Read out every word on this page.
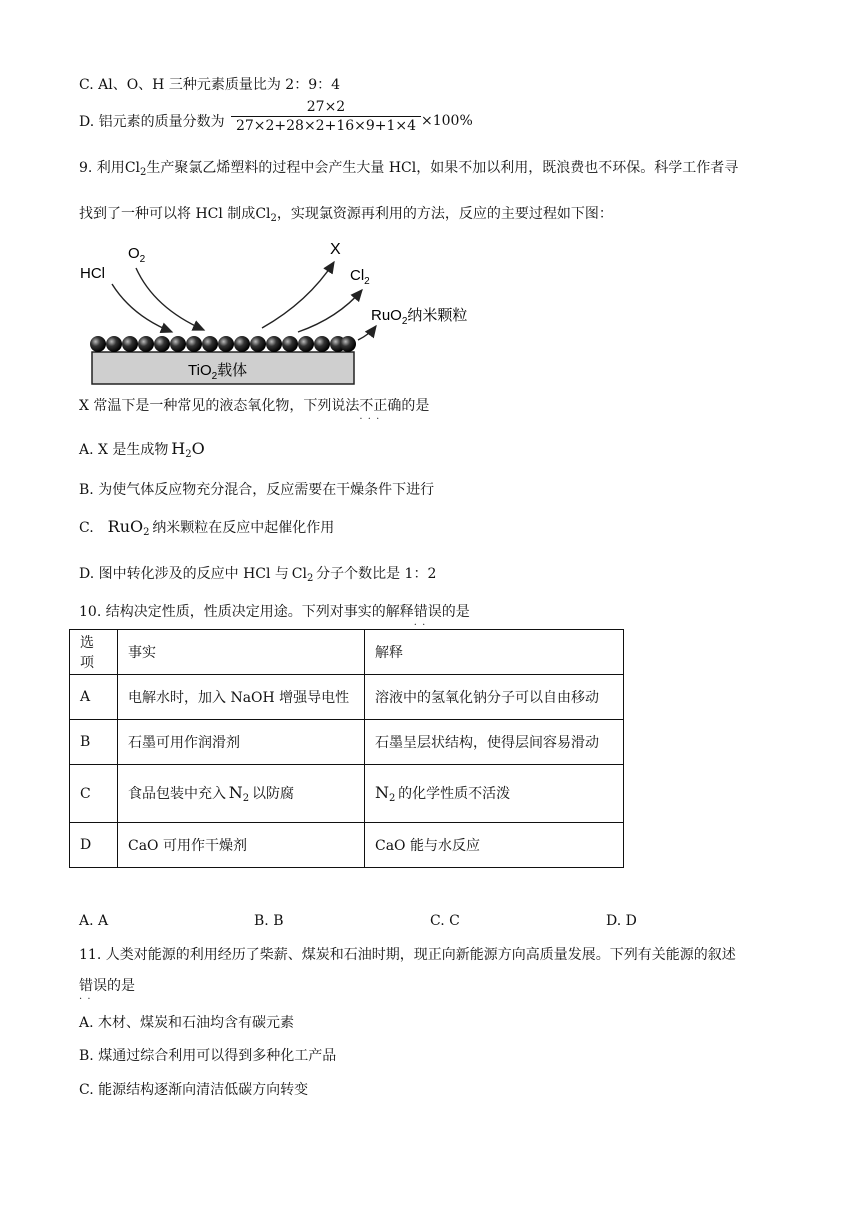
C. Al、O、H 三种元素质量比为 2：9：4
D. 铝元素的质量分数为
27×2
27×2+28×2+16×9+1×4 ×100%
9. 利用$Cl_2$生产聚氯乙烯塑料的过程中会产生大量 HCl，如果不加以利用，既浪费也不环保。科学工作者寻
找到了一种可以将 HCl 制成$Cl_2$，实现氯资源再利用的方法，反应的主要过程如下图：
TiO$_2$载体
HCl
$O_2$
X
$Cl_2$
RuO$_2$纳米颗粒
X 常温下是一种常见的液态氧化物，下列说法不正确 · · ·的是
A. X 是生成物  $H_2O$
B. 为使气体反应物充分混合，反应需要在干燥条件下进行
C.  RuO$_2$  纳米颗粒在反应中起催化作用
D. 图中转化涉及的反应中 HCl 与  $Cl_2$  分子个数比是 1：2
10. 结构决定性质，性质决定用途。下列对事实的解释错误 · ·的是
选项	事实	解释
A	电解水时，加入 NaOH 增强导电性	溶液中的氢氧化钠分子可以自由移动
B	石墨可用作润滑剂	石墨呈层状结构，使得层间容易滑动
C	食品包装中充入  $N_2$  以防腐	$N_2$  的化学性质不活泼
D	CaO 可用作干燥剂	CaO 能与水反应
A. A	B. B	C. C	D. D
11. 人类对能源的利用经历了柴薪、煤炭和石油时期，现正向新能源方向高质量发展。下列有关能源的叙述
错误 · ·的是
A. 木材、煤炭和石油均含有碳元素
B. 煤通过综合利用可以得到多种化工产品
C. 能源结构逐渐向清洁低碳方向转变
